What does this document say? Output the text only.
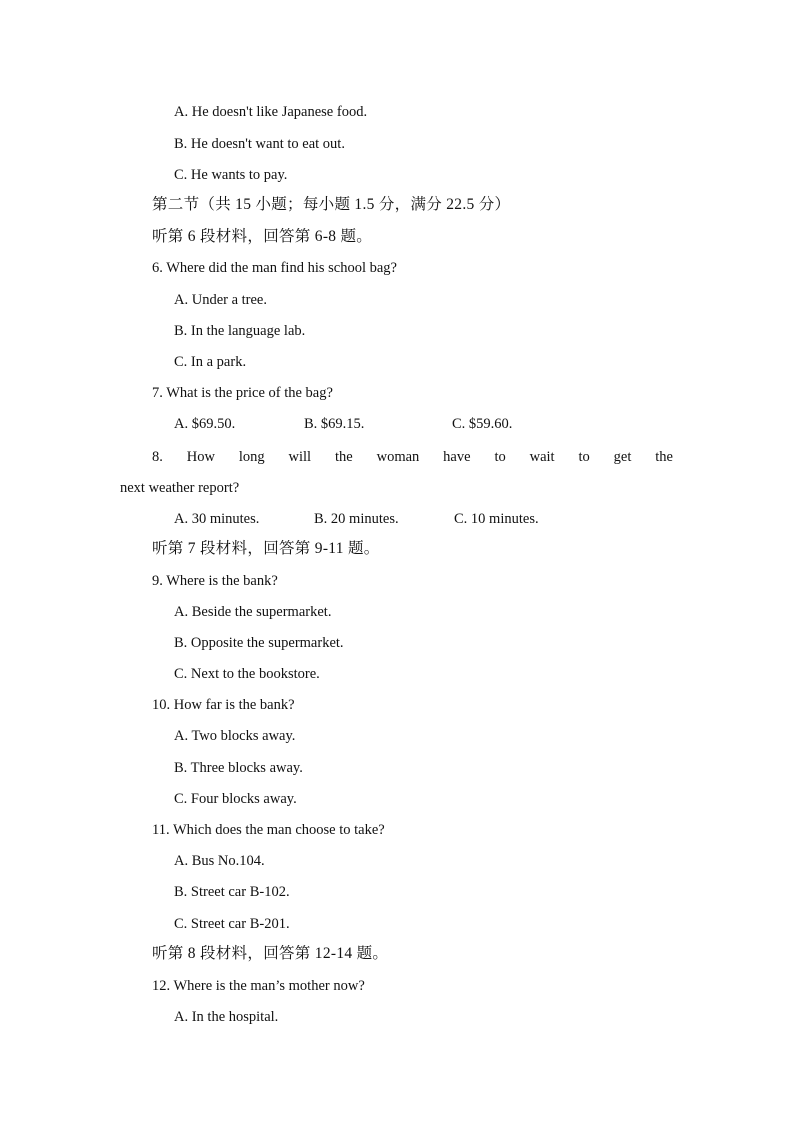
A. He doesn't like Japanese food.
B. He doesn't want to eat out.
C. He wants to pay.
第二节（共 15 小题；每小题 1.5 分，满分 22.5 分）
听第 6 段材料，回答第 6-8 题。
6. Where did the man find his school bag?
A. Under a tree.
B. In the language lab.
C. In a park.
7. What is the price of the bag?
A. $69.50.	B. $69.15.	C. $59.60.
8. How long will the woman have to wait to get the
next weather report?
A. 30 minutes.	B. 20 minutes.	C. 10 minutes.
听第 7 段材料，回答第 9-11 题。
9. Where is the bank?
A. Beside the supermarket.
B. Opposite the supermarket.
C. Next to the bookstore.
10. How far is the bank?
A. Two blocks away.
B. Three blocks away.
C. Four blocks away.
11. Which does the man choose to take?
A. Bus No.104.
B. Street car B-102.
C. Street car B-201.
听第 8 段材料，回答第 12-14 题。
12. Where is the man’s mother now?
A. In the hospital.
